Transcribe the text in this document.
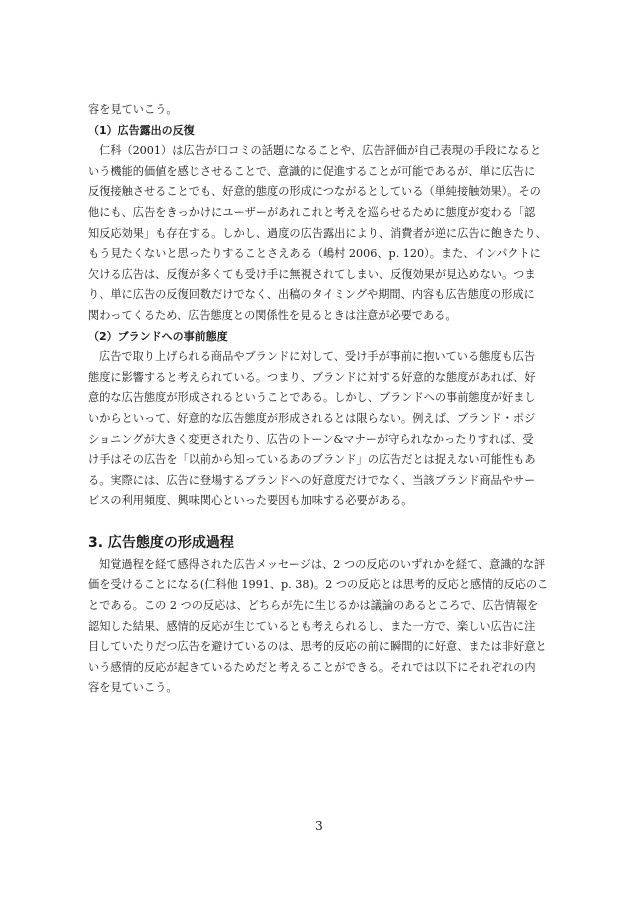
容を見ていこう。
（1）広告露出の反復
仁科（2001）は広告が口コミの話題になることや、広告評価が自己表現の手段になると
いう機能的価値を感じさせることで、意識的に促進することが可能であるが、単に広告に
反復接触させることでも、好意的態度の形成につながるとしている（単純接触効果）。その
他にも、広告をきっかけにユーザーがあれこれと考えを巡らせるために態度が変わる「認
知反応効果」も存在する。しかし、過度の広告露出により、消費者が逆に広告に飽きたり、
もう見たくないと思ったりすることさえある（嶋村 2006、p. 120）。また、インパクトに
欠ける広告は、反復が多くても受け手に無視されてしまい、反復効果が見込めない。つま
り、単に広告の反復回数だけでなく、出稿のタイミングや期間、内容も広告態度の形成に
関わってくるため、広告態度との関係性を見るときは注意が必要である。
（2）ブランドへの事前態度
広告で取り上げられる商品やブランドに対して、受け手が事前に抱いている態度も広告
態度に影響すると考えられている。つまり、ブランドに対する好意的な態度があれば、好
意的な広告態度が形成されるということである。しかし、ブランドへの事前態度が好まし
いからといって、好意的な広告態度が形成されるとは限らない。例えば、ブランド・ポジ
ショニングが大きく変更されたり、広告のトーン&マナーが守られなかったりすれば、受
け手はその広告を「以前から知っているあのブランド」の広告だとは捉えない可能性もあ
る。実際には、広告に登場するブランドへの好意度だけでなく、当該ブランド商品やサー
ビスの利用頻度、興味関心といった要因も加味する必要がある。
3. 広告態度の形成過程
知覚過程を経て感得された広告メッセージは、2 つの反応のいずれかを経て、意識的な評
価を受けることになる(仁科他 1991、p. 38)。2 つの反応とは思考的反応と感情的反応のこ
とである。この 2 つの反応は、どちらが先に生じるかは議論のあるところで、広告情報を
認知した結果、感情的反応が生じているとも考えられるし、また一方で、楽しい広告に注
目していたりだつ広告を避けているのは、思考的反応の前に瞬間的に好意、または非好意と
いう感情的反応が起きているためだと考えることができる。それでは以下にそれぞれの内
容を見ていこう。
3
